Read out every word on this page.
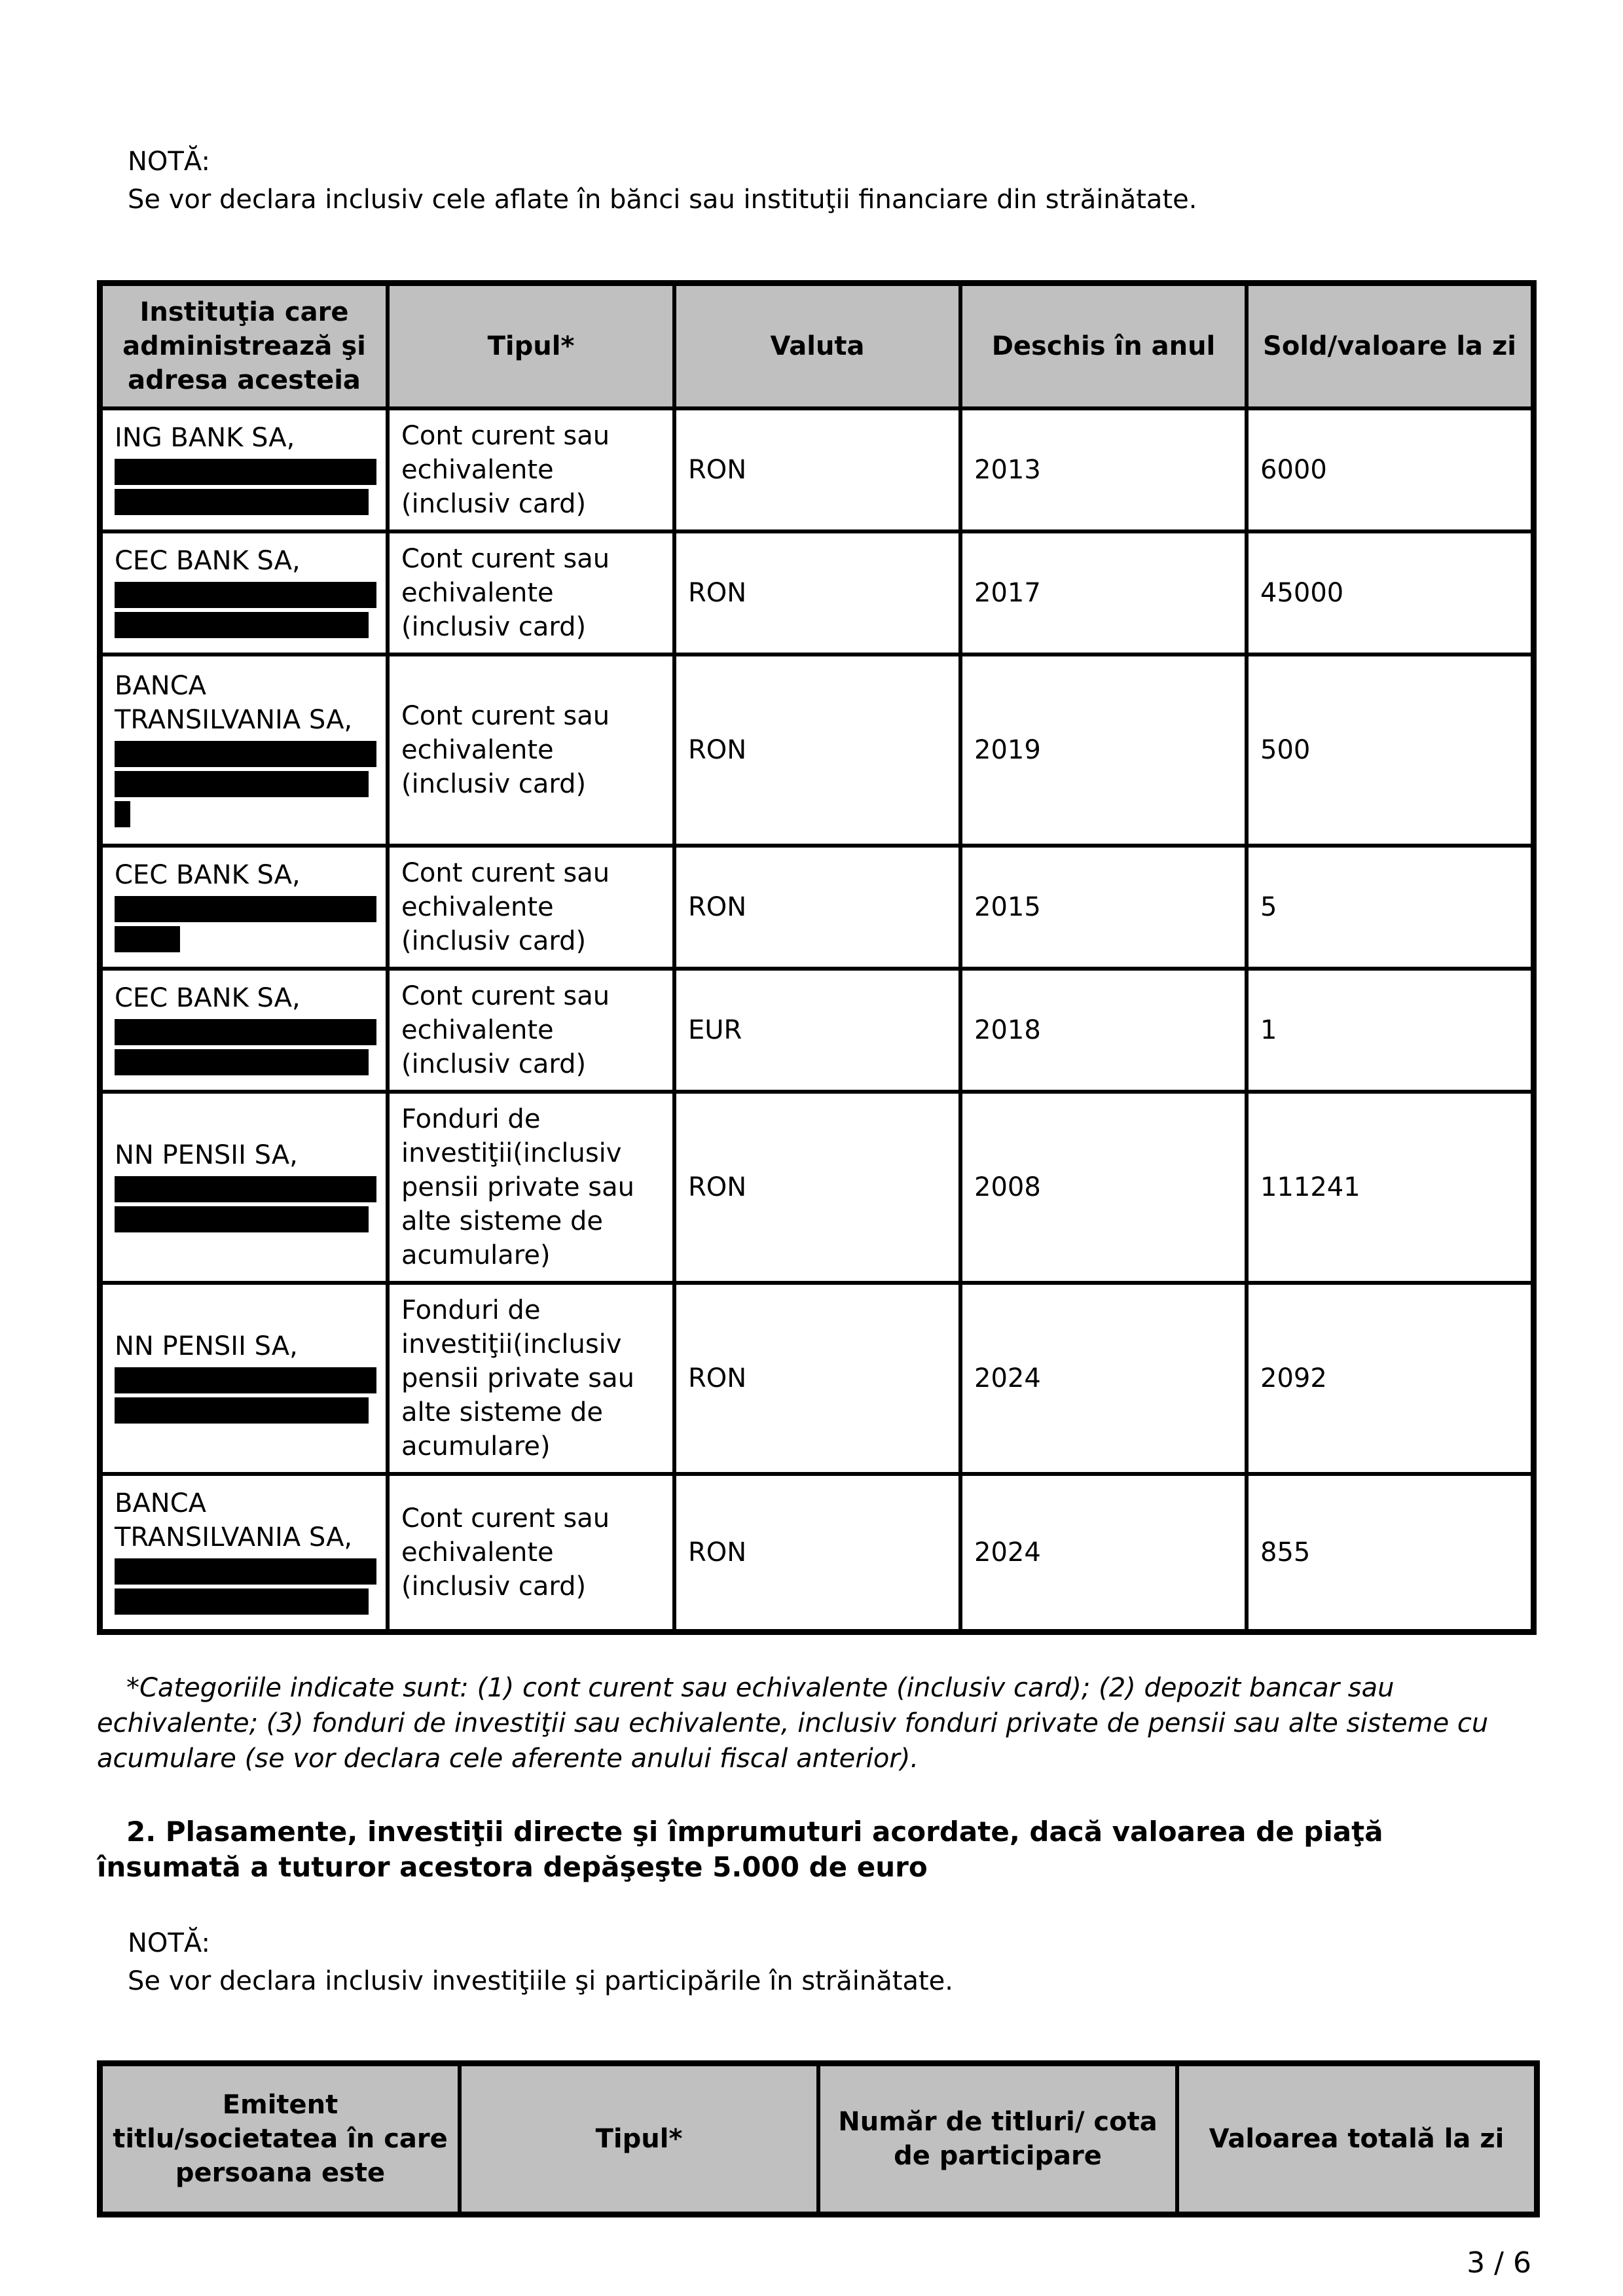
NOTĂ:
Se vor declara inclusiv cele aflate în bănci sau instituţii financiare din străinătate.
Instituţia care administrează şi adresa acesteia	Tipul*	Valuta	Deschis în anul	Sold/valoare la zi
ING BANK SA,	Cont curent sau echivalente (inclusiv card)	RON	2013	6000
CEC BANK SA,	Cont curent sau echivalente (inclusiv card)	RON	2017	45000
BANCA TRANSILVANIA SA,	Cont curent sau echivalente (inclusiv card)	RON	2019	500
CEC BANK SA,	Cont curent sau echivalente (inclusiv card)	RON	2015	5
CEC BANK SA,	Cont curent sau echivalente (inclusiv card)	EUR	2018	1
NN PENSII SA,	Fonduri de investiţii(inclusiv pensii private sau alte sisteme de acumulare)	RON	2008	111241
NN PENSII SA,	Fonduri de investiţii(inclusiv pensii private sau alte sisteme de acumulare)	RON	2024	2092
BANCA TRANSILVANIA SA,	Cont curent sau echivalente (inclusiv card)	RON	2024	855
*Categoriile indicate sunt: (1) cont curent sau echivalente (inclusiv card); (2) depozit bancar sau echivalente; (3) fonduri de investiţii sau echivalente, inclusiv fonduri private de pensii sau alte sisteme cu acumulare (se vor declara cele aferente anului fiscal anterior).
2. Plasamente, investiţii directe şi împrumuturi acordate, dacă valoarea de piaţă însumată a tuturor acestora depăşeşte 5.000 de euro
NOTĂ:
Se vor declara inclusiv investiţiile şi participările în străinătate.
Emitent titlu/societatea în care persoana este	Tipul*	Număr de titluri/ cota de participare	Valoarea totală la zi
3 / 6
